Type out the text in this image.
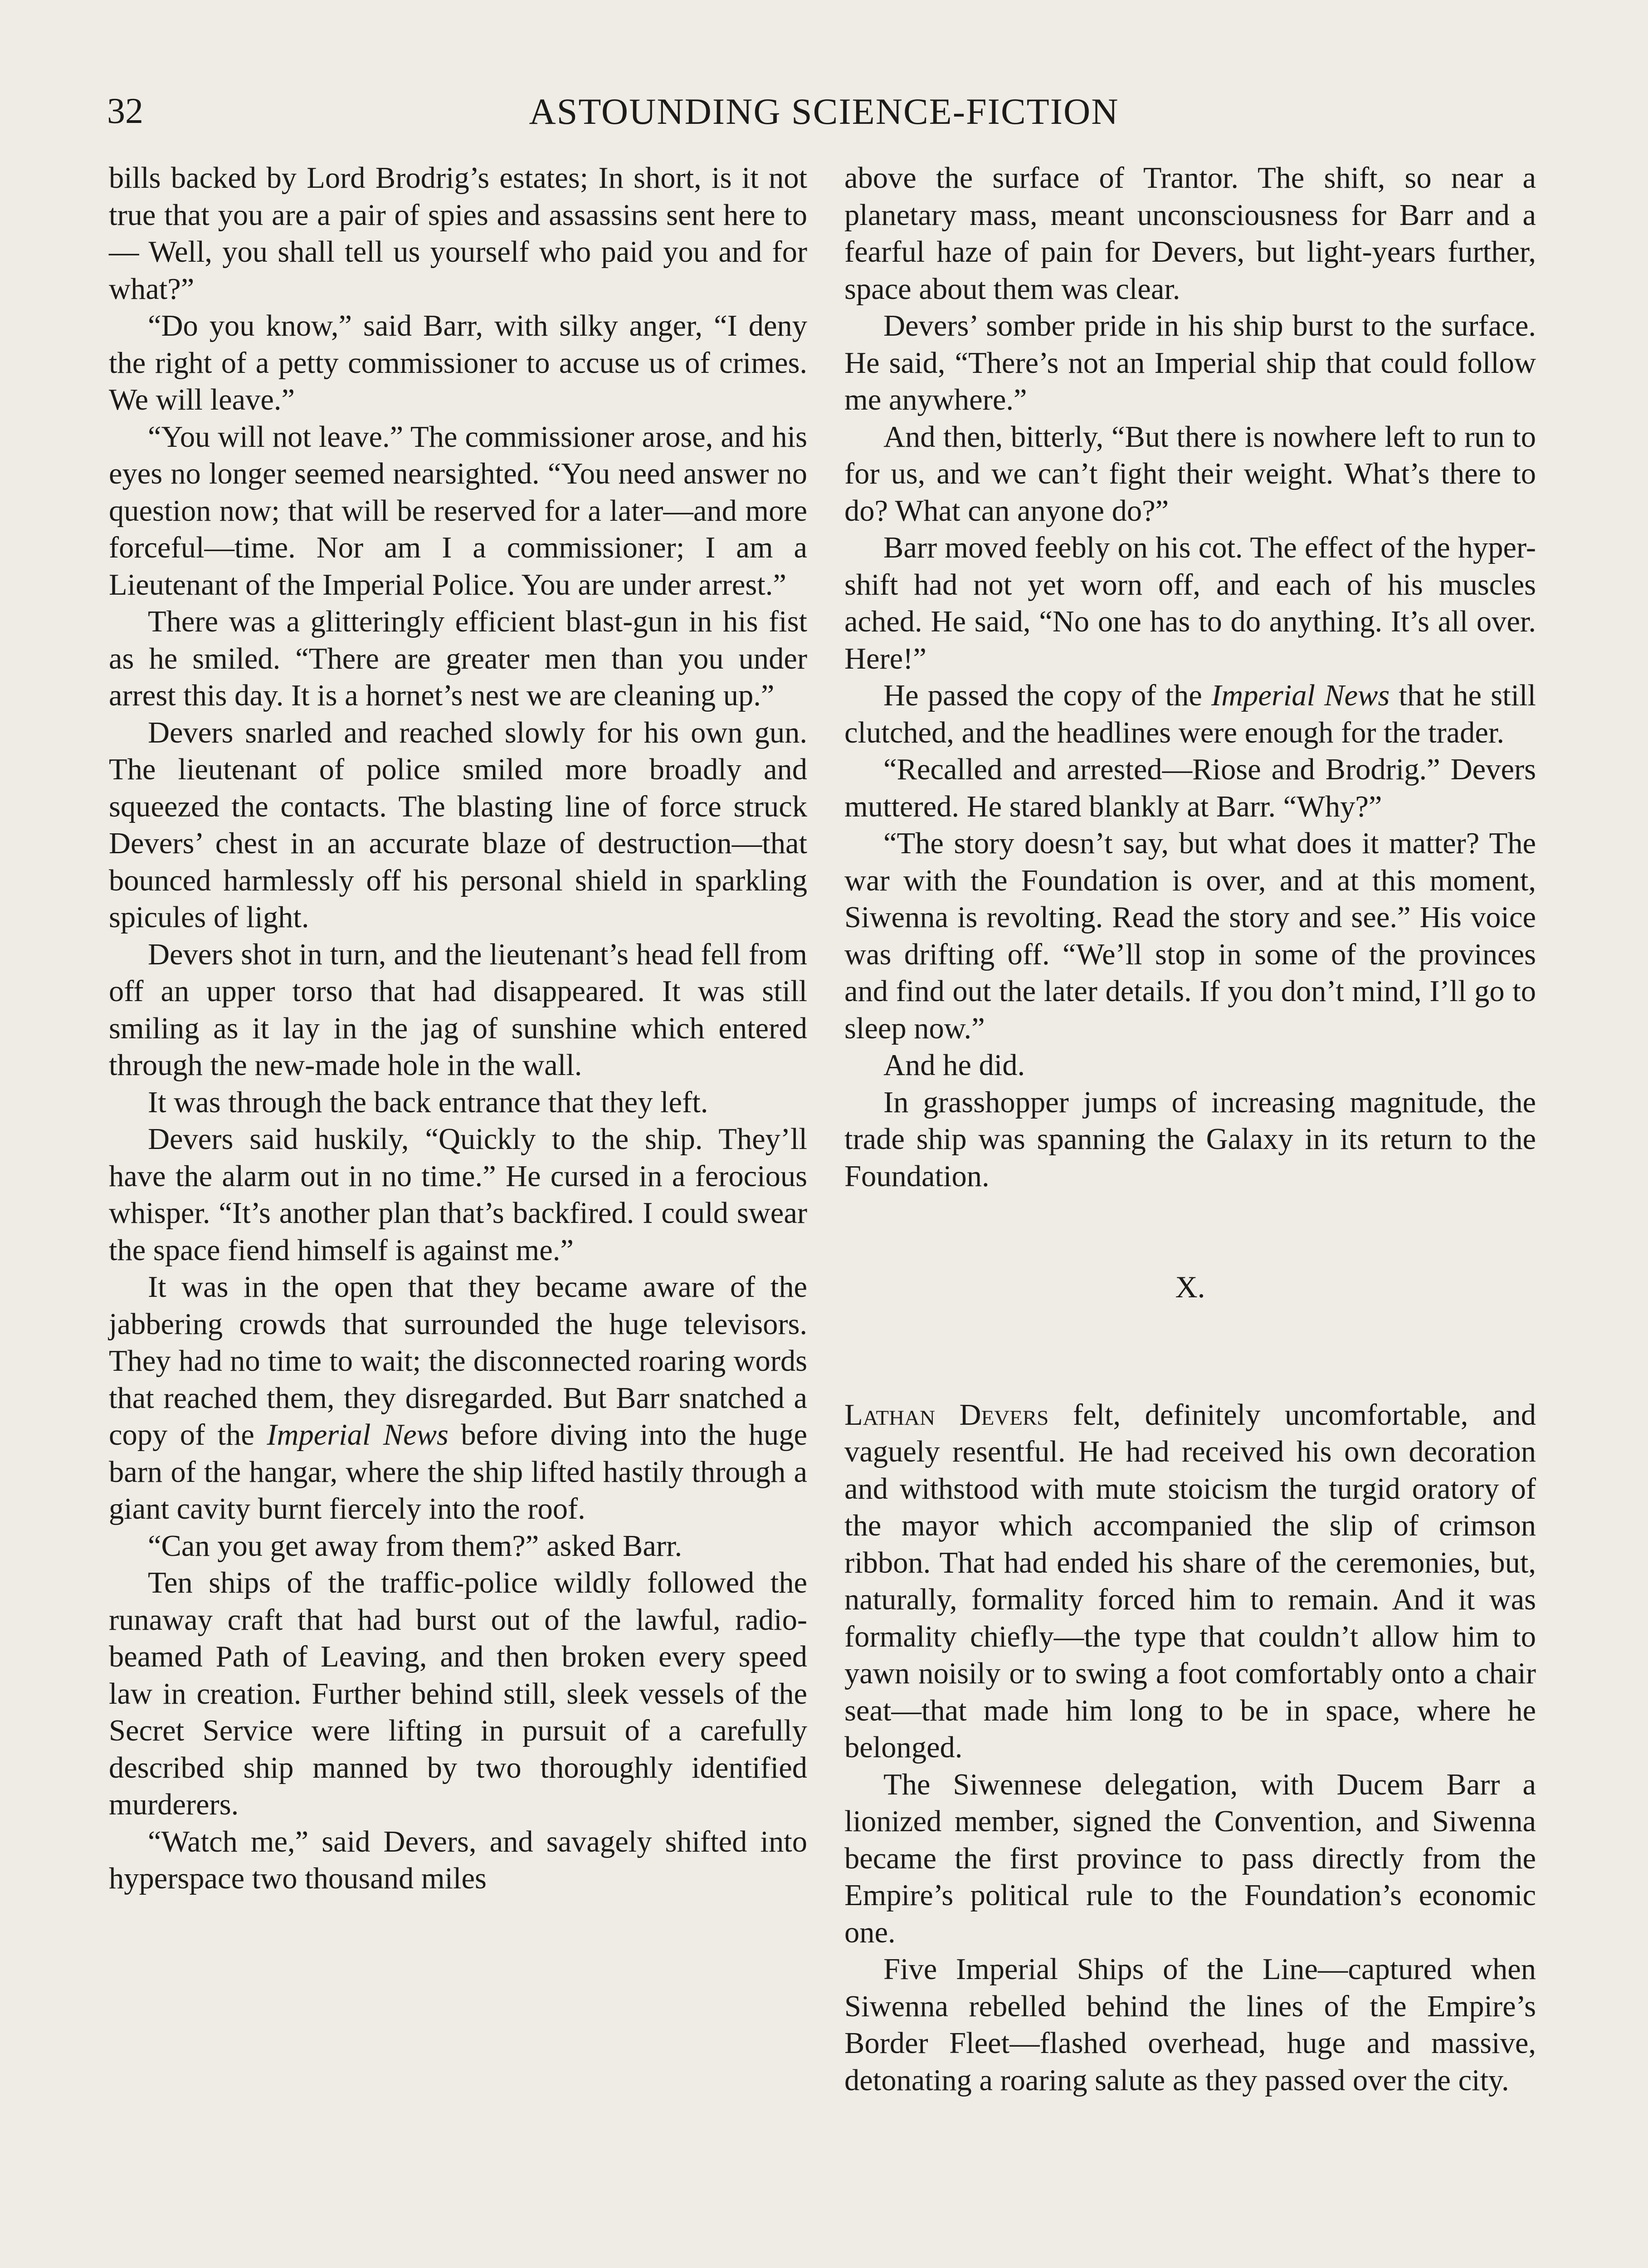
32	ASTOUNDING SCIENCE-FICTION

bills backed by Lord Brodrig’s estates; In short, is it not true that you are a pair of spies and assassins sent here to— Well, you shall tell us yourself who paid you and for what?”

“Do you know,” said Barr, with silky anger, “I deny the right of a petty commissioner to accuse us of crimes. We will leave.”

“You will not leave.” The commissioner arose, and his eyes no longer seemed nearsighted. “You need answer no question now; that will be reserved for a later—and more forceful—time. Nor am I a commissioner; I am a Lieutenant of the Imperial Police. You are under arrest.”

There was a glitteringly efficient blast-gun in his fist as he smiled. “There are greater men than you under arrest this day. It is a hornet’s nest we are cleaning up.”

Devers snarled and reached slowly for his own gun. The lieutenant of police smiled more broadly and squeezed the contacts. The blasting line of force struck Devers’ chest in an accurate blaze of destruction—that bounced harmlessly off his personal shield in sparkling spicules of light.

Devers shot in turn, and the lieutenant’s head fell from off an upper torso that had disappeared. It was still smiling as it lay in the jag of sunshine which entered through the new-made hole in the wall.

It was through the back entrance that they left.

Devers said huskily, “Quickly to the ship. They’ll have the alarm out in no time.” He cursed in a ferocious whisper. “It’s another plan that’s backfired. I could swear the space fiend himself is against me.”

It was in the open that they became aware of the jabbering crowds that surrounded the huge televisors. They had no time to wait; the disconnected roaring words that reached them, they disregarded. But Barr snatched a copy of the Imperial News before diving into the huge barn of the hangar, where the ship lifted hastily through a giant cavity burnt fiercely into the roof.

“Can you get away from them?” asked Barr.

Ten ships of the traffic-police wildly followed the runaway craft that had burst out of the lawful, radio-beamed Path of Leaving, and then broken every speed law in creation. Further behind still, sleek vessels of the Secret Service were lifting in pursuit of a carefully described ship manned by two thoroughly identified murderers.

“Watch me,” said Devers, and savagely shifted into hyperspace two thousand miles

above the surface of Trantor. The shift, so near a planetary mass, meant unconsciousness for Barr and a fearful haze of pain for Devers, but light-years further, space about them was clear.

Devers’ somber pride in his ship burst to the surface. He said, “There’s not an Imperial ship that could follow me anywhere.”

And then, bitterly, “But there is nowhere left to run to for us, and we can’t fight their weight. What’s there to do? What can anyone do?”

Barr moved feebly on his cot. The effect of the hyper-shift had not yet worn off, and each of his muscles ached. He said, “No one has to do anything. It’s all over. Here!”

He passed the copy of the Imperial News that he still clutched, and the headlines were enough for the trader.

“Recalled and arrested—Riose and Brodrig.” Devers muttered. He stared blankly at Barr. “Why?”

“The story doesn’t say, but what does it matter? The war with the Foundation is over, and at this moment, Siwenna is revolting. Read the story and see.” His voice was drifting off. “We’ll stop in some of the provinces and find out the later details. If you don’t mind, I’ll go to sleep now.”

And he did.

In grasshopper jumps of increasing magnitude, the trade ship was spanning the Galaxy in its return to the Foundation.

X.

Lathan Devers felt, definitely uncomfortable, and vaguely resentful. He had received his own decoration and withstood with mute stoicism the turgid oratory of the mayor which accompanied the slip of crimson ribbon. That had ended his share of the ceremonies, but, naturally, formality forced him to remain. And it was formality chiefly—the type that couldn’t allow him to yawn noisily or to swing a foot comfortably onto a chair seat—that made him long to be in space, where he belonged.

The Siwennese delegation, with Ducem Barr a lionized member, signed the Convention, and Siwenna became the first province to pass directly from the Empire’s political rule to the Foundation’s economic one.

Five Imperial Ships of the Line—captured when Siwenna rebelled behind the lines of the Empire’s Border Fleet—flashed overhead, huge and massive, detonating a roaring salute as they passed over the city.
